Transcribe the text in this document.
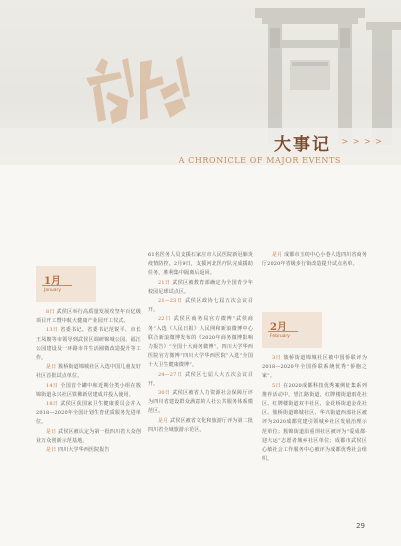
大事记 > > > >
A CHRONICLE OF MAJOR EVENTS
1月
January
2月
February

8日 武侯区举行高质量发展攻坚年百亿级项目开工暨中航大健康产业园开工仪式。

13日 省委书记、省委书记范锐平、市长王凤朝等市领导到武侯区调研锦城公园、福江公园建设及一环路市井生活圈微改造提升等工作。

是日 簇桥街道锦城社区入选中国儿童友好社区首批试点单位。

14日 全国首个罐中和近期分类小组在簇锦街道永兴社区铁佛新居建成并投入使用。

18日 武侯区获国家卫生健康委员会并入2018—2020年全国计划生育优质服务先进单位。

是日 武侯区被认定为第一批四川省大众创业万众创新示范基地。

是日 四川大学华西医院报告

61名医务人员支援石家庄市人民医院新冠肺炎疫情防控。2月9日，支援河北医疗队完成援助任务，胜利集中隔离后返回。

21日 武侯区被教育部确定为全国青少年校园足球试点区。

21—23日 武侯区政协七届五次会议召开。

22日 武侯区商务局官方微博“武侯商务”入选《人民日报》人民网和新浪微博中心联合新浪微博发布的《2020年商务微博影响力报告》“全国十大商务微博”，四川大学华西医院官方微博“四川大学华西医院”入选“全国十大卫生健康微博”。

24—27日 武侯区七届人大五次会议召开。

30日 武侯区被省人力资源社会保障厅评为四川省建设群众满意的人社公共服务体系模范区。

是月 武侯区被省文化和旅游厅评为第二批四川省全域旅游示范区。

是月 成都市玉纺中心小巷人选四川省商务厅2020年省级步行街改造提升试点名单。

3日 簇桥街道锦城社区被中国侨联评为2018—2020年全国侨联系统优秀“侨胞之家”。

5日 在2020成都科技优秀案例征集系列推荐活动中，望江路街道、红牌楼街道雨花社区、红牌楼街道双丰社区、金花桥街道金花社区、簇桥街道锦城社区、华兴街道西部社区被评为2020成都党建引领城乡社区发展治理示范单位；簇锦街道沿重坝社区被评为“爱成都·迎大运”志愿者城乡社区单位；成都市武侯区心敏社会工作服务中心被评为成都优秀社会组织。

29
